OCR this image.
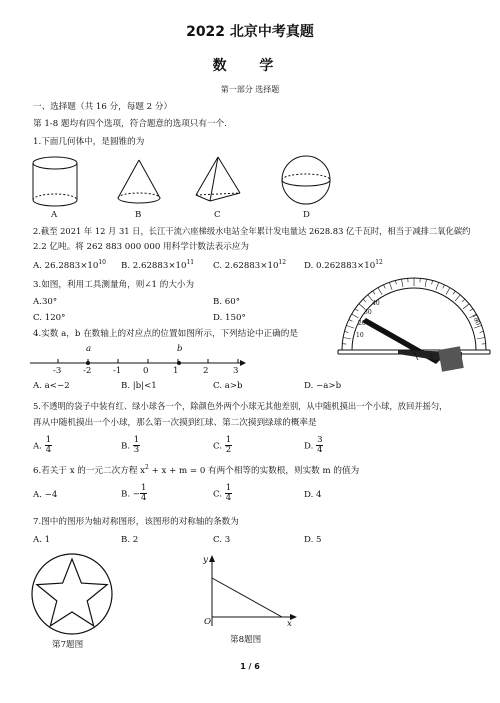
2022 北京中考真题
数 学
第一部分 选择题
一、选择题（共 16 分，每题 2 分）
第 1-8 题均有四个选项，符合题意的选项只有一个.
1.下面几何体中，是圆锥的为
A	B	C	D
2.截至 2021 年 12 月 31 日，长江干流六座梯级水电站全年累计发电量达 2628.83 亿千瓦时，相当于减排二氧化碳约
2.2 亿吨。将 262 883 000 000 用科学计数法表示应为
A. $26.2883\times 10^{10}$ B. $2.62883\times 10^{11}$ C. $2.62883\times 10^{12}$ D. $0.262883\times 10^{12}$
3.如图，利用工具测量角，则∠1 的大小为
A.30°	B. 60°
C. 120°	D. 150°
10
20
30
40
180
1
4.实数 a，b 在数轴上的对应点的位置如图所示，下列结论中正确的是
a	b
-3	-2	-1	0	1	2	3
A. a<−2	B. |b|<1	C. a>b	D. −a>b
5.不透明的袋子中装有红、绿小球各一个，除颜色外两个小球无其他差别，从中随机摸出一个小球，放回并摇匀，
再从中随机摸出一个小球，那么第一次摸到红球、第二次摸到绿球的概率是
A. $\frac{1}{4}$	B. $\frac{1}{3}$	C. $\frac{1}{2}$	D. $\frac{3}{4}$
6.若关于 x 的一元二次方程 $x^2 + x + m = 0$ 有两个相等的实数根，则实数 m 的值为
A. −4	B. − $\frac{1}{4}$	C. $\frac{1}{4}$	D. 4
7.图中的图形为轴对称图形，该图形的对称轴的条数为
A. 1	B. 2	C. 3	D. 5
第7题图
y
x
O
第8题图
1 / 6
